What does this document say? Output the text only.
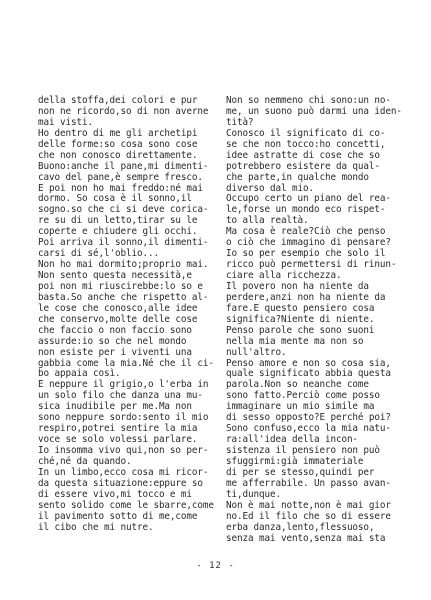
della stoffa,dei colori e pur
non ne ricordo,so di non averne
mai visti.
Ho dentro di me gli archetipi
delle forme:so cosa sono cose
che non conosco direttamente.
Buono:anche il pane,mi dimenti-
cavo del pane,è sempre fresco.
E poi non ho mai freddo:né mai
dormo. So cosa è il sonno,il
sogno.so che ci si deve corica-
re su di un letto,tirar su le
coperte e chiudere gli occhi.
Poi arriva il sonno,il dimenti-
carsi di sé,l'oblio...
Non ho mai dormito;proprio mai.
Non sento questa necessità,e
poi non mi riuscirebbe:lo so e
basta.So anche che rispetto al-
le cose che conosco,alle idee
che conservo,molte delle cose
che faccio o non faccio sono
assurde:io so che nel mondo
non esiste per i viventi una
gabbia come la mia.Né che il ci-
bo appaia così.
E neppure il grigio,o l'erba in
un solo filo che danza una mu-
sica inudibile per me.Ma non
sono neppure sordo:sento il mio
respiro,potrei sentire la mia
voce se solo volessi parlare.
Io insomma vivo qui,non so per-
ché,né da quando.
In un limbo,ecco cosa mi ricor-
da questa situazione:eppure so
di essere vivo,mi tocco e mi
sento solido come le sbarre,come
il pavimento sotto di me,come
il cibo che mi nutre.
Non so nemmeno chi sono:un no-
me, un suono può darmi una iden-
tità?
Conosco il significato di co-
se che non tocco:ho concetti,
idee astratte di cose che so
potrebbero esistere da qual-
che parte,in qualche mondo
diverso dal mio.
Occupo certo un piano del rea-
le,forse un mondo eco rispet-
to alla realtà.
Ma cosa è reale?Ciò che penso
o ciò che immagino di pensare?
Io so per esempio che solo il
ricco può permettersi di rinun-
ciare alla ricchezza.
Il povero non ha niente da
perdere,anzi non ha niente da
fare.E questo pensiero cosa
significa?Niente di niente.
Penso parole che sono suoni
nella mia mente ma non so
null'altro.
Penso amore e non so cosa sia,
quale significato abbia questa
parola.Non so neanche come
sono fatto.Perciò come posso
immaginare un mio simile ma
di sesso opposto?E perché poi?
Sono confuso,ecco la mia natu-
ra:all'idea della incon-
sistenza il pensiero non può
sfuggirmi:già immateriale
di per se stesso,quindi per
me afferrabile. Un passo avan-
ti,dunque.
Non è mai notte,non è mai gior
no.Ed il filo che so di essere
erba danza,lento,flessuoso,
senza mai vento,senza mai sta
- 12 -
